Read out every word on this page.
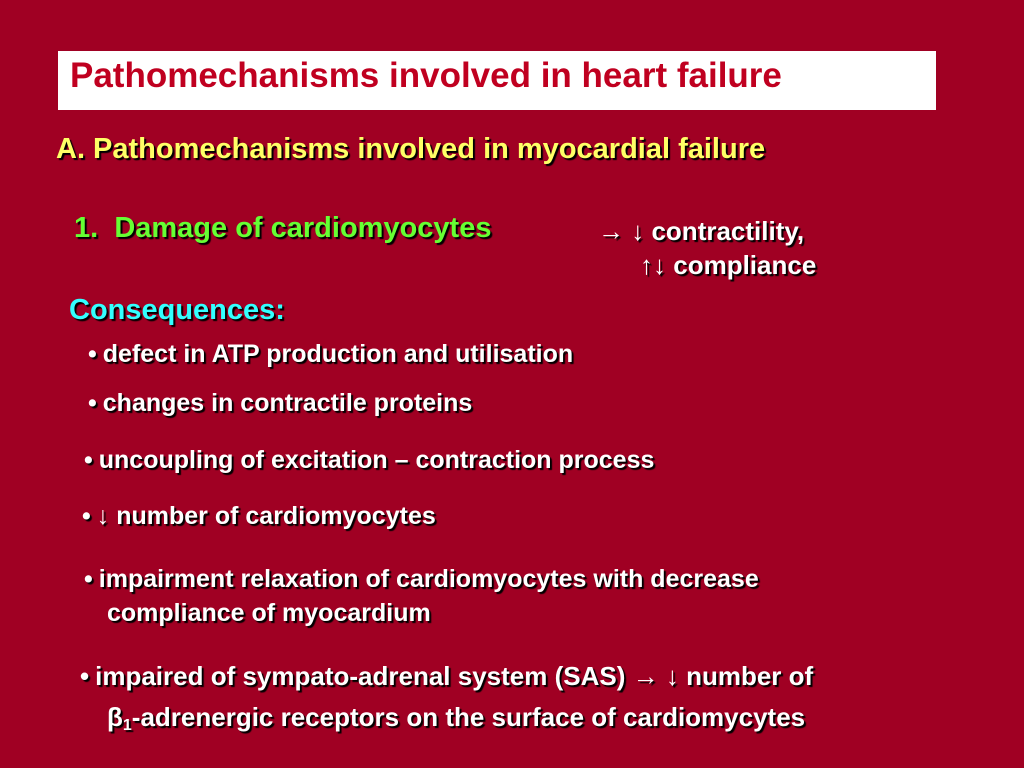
Pathomechanisms involved in heart failure
A. Pathomechanisms involved in myocardial failure
1. Damage of cardiomyocytes	→ ↓ contractility,
↑↓ compliance
Consequences:
• defect in ATP production and utilisation
• changes in contractile proteins
• uncoupling of excitation – contraction process
• ↓ number of cardiomyocytes
• impairment relaxation of cardiomyocytes with decrease
compliance of myocardium
• impaired of sympato-adrenal system (SAS) → ↓ number of
$\beta_1$-adrenergic receptors on the surface of cardiomycytes
